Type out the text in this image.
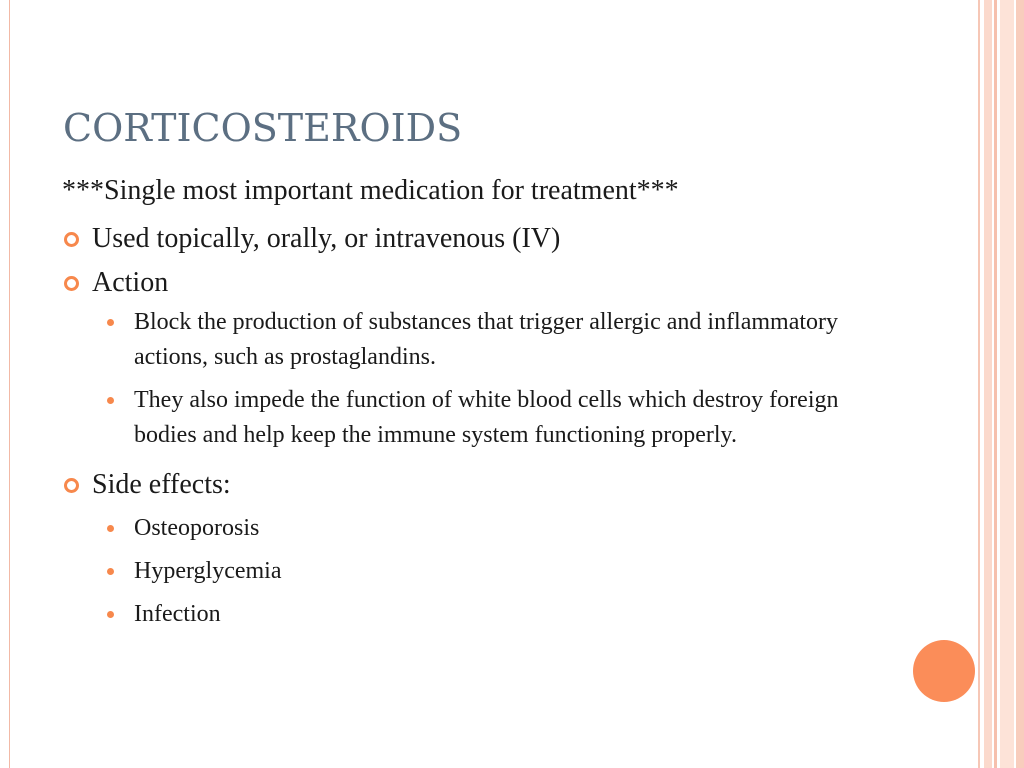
CORTICOSTEROIDS

***Single most important medication for treatment***

Used topically, orally, or intravenous (IV)
Action
Block the production of substances that trigger allergic and inflammatory actions, such as prostaglandins.
They also impede the function of white blood cells which destroy foreign bodies and help keep the immune system functioning properly.
Side effects:
Osteoporosis
Hyperglycemia
Infection
